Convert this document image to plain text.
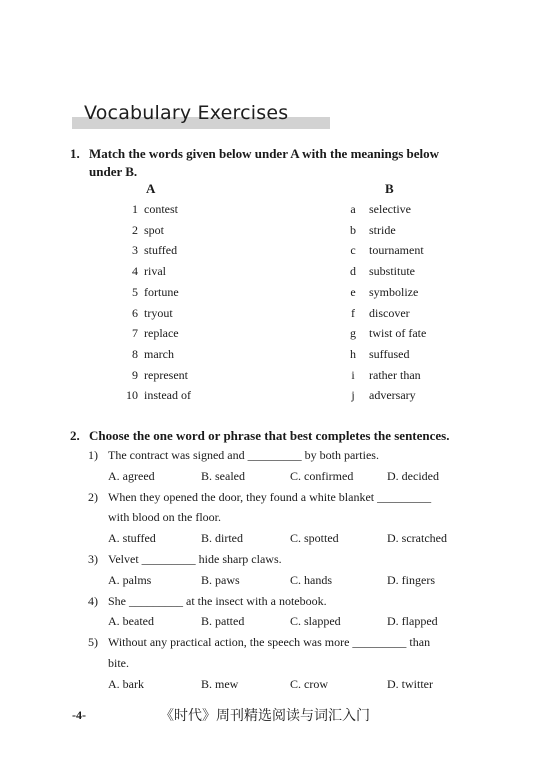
Vocabulary Exercises
1. Match the words given below under A with the meanings below
under B.
A	B
1 contest	a selective
2 spot	b stride
3 stuffed	c tournament
4 rival	d substitute
5 fortune	e symbolize
6 tryout	f discover
7 replace	g twist of fate
8 march	h suffused
9 represent	i rather than
10 instead of	j adversary
2. Choose the one word or phrase that best completes the sentences.
1) The contract was signed and _________ by both parties.
A. agreed	B. sealed	C. confirmed	D. decided
2) When they opened the door, they found a white blanket _________
with blood on the floor.
A. stuffed	B. dirted	C. spotted	D. scratched
3) Velvet _________ hide sharp claws.
A. palms	B. paws	C. hands	D. fingers
4) She _________ at the insect with a notebook.
A. beated	B. patted	C. slapped	D. flapped
5) Without any practical action, the speech was more _________ than
bite.
A. bark	B. mew	C. crow	D. twitter
-4-	《时代》周刊精选阅读与词汇入门
